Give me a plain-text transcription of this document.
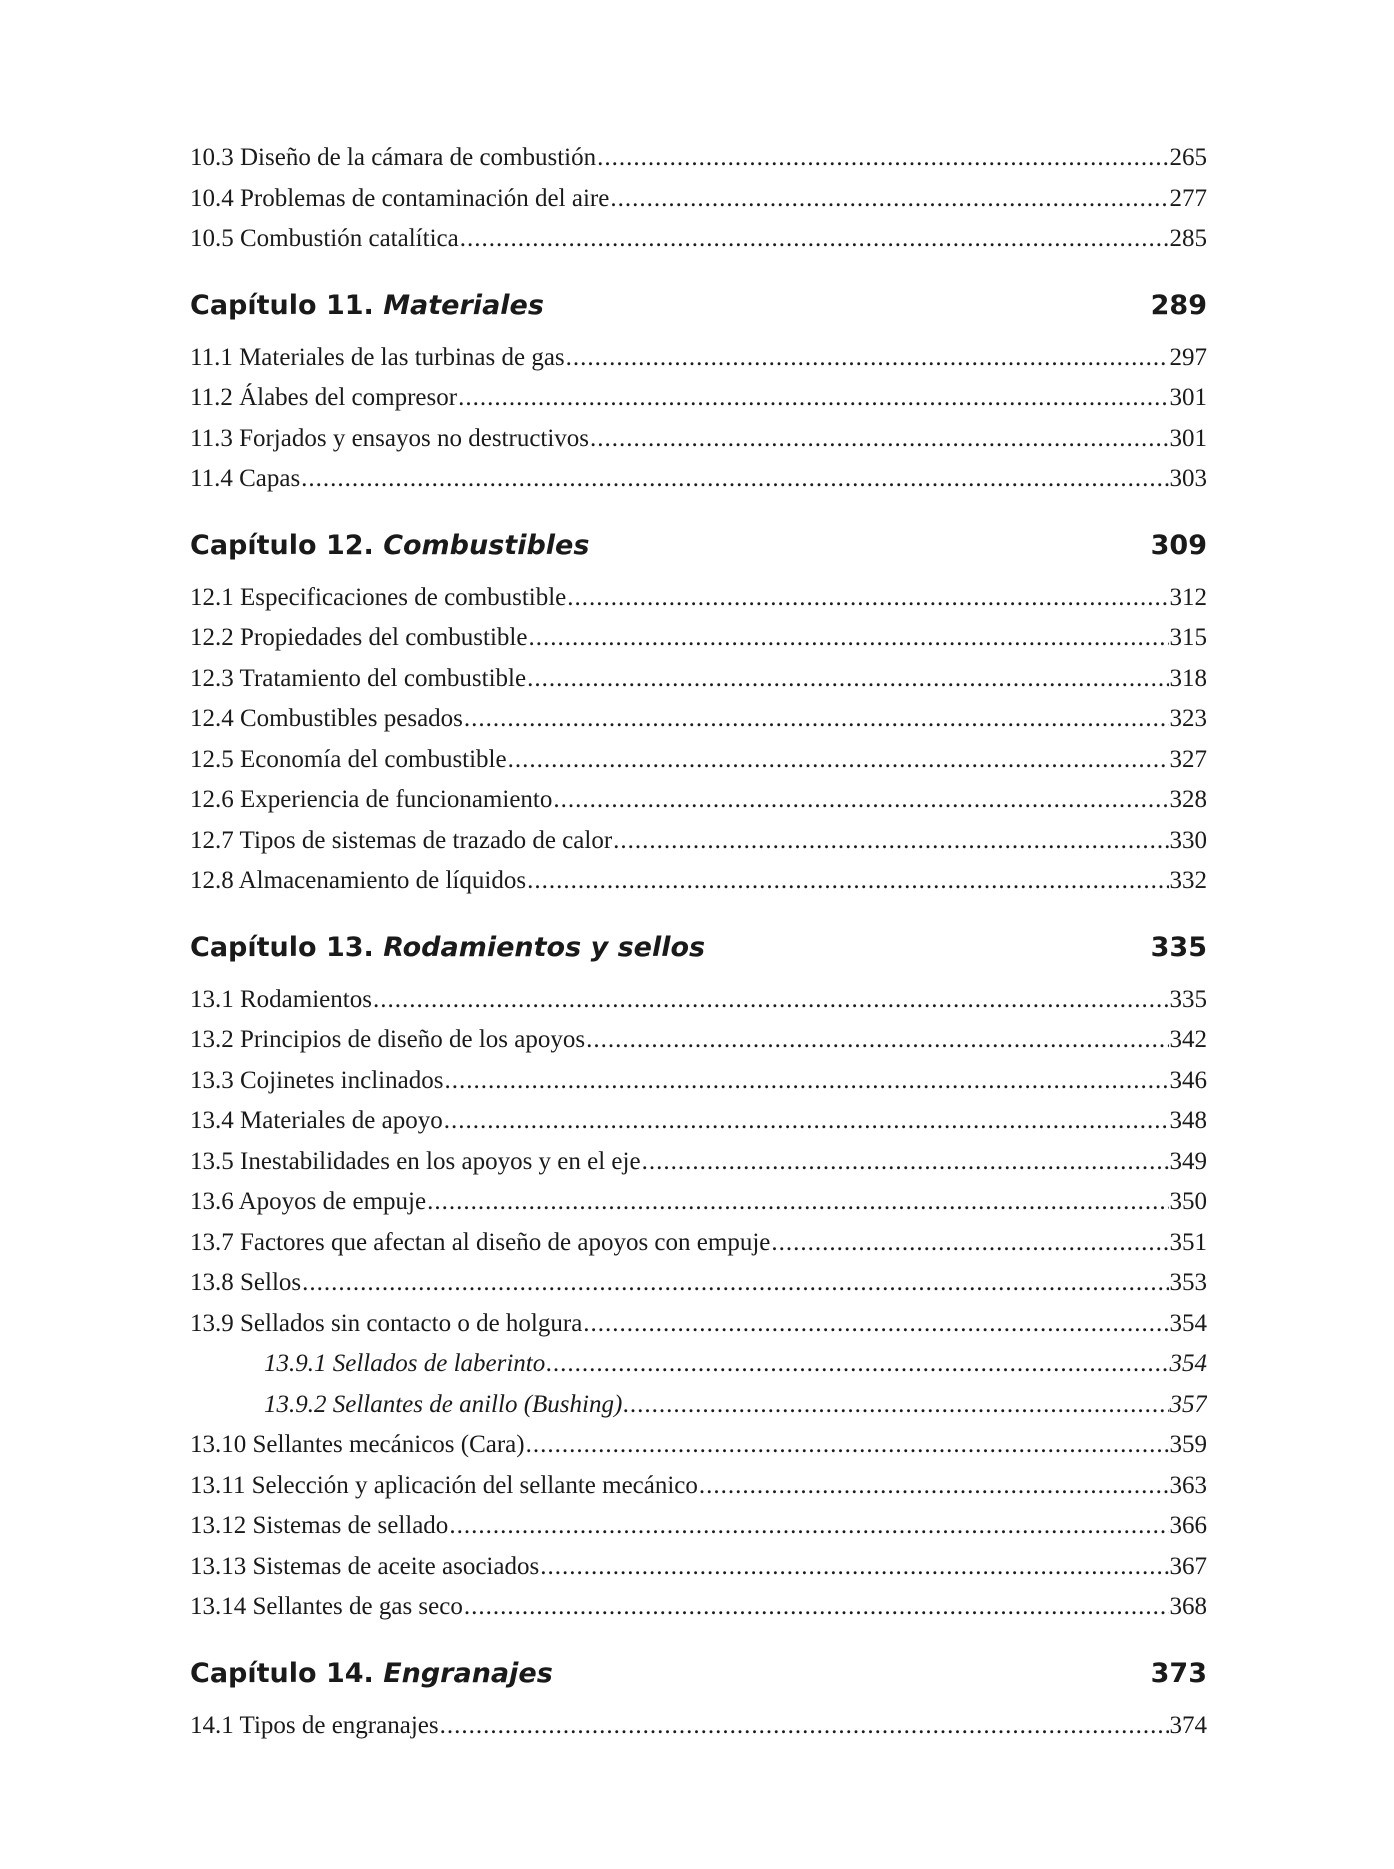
10.3 Diseño de la cámara de combustión .....	265
10.4 Problemas de contaminación del aire .....	277
10.5 Combustión catalítica .....	285
Capítulo 11. Materiales	289
11.1 Materiales de las turbinas de gas .....	297
11.2 Álabes del compresor .....	301
11.3 Forjados y ensayos no destructivos .....	301
11.4 Capas .....	303
Capítulo 12. Combustibles	309
12.1 Especificaciones de combustible .....	312
12.2 Propiedades del combustible .....	315
12.3 Tratamiento del combustible .....	318
12.4 Combustibles pesados .....	323
12.5 Economía del combustible .....	327
12.6 Experiencia de funcionamiento .....	328
12.7 Tipos de sistemas de trazado de calor .....	330
12.8 Almacenamiento de líquidos .....	332
Capítulo 13. Rodamientos y sellos	335
13.1 Rodamientos .....	335
13.2 Principios de diseño de los apoyos .....	342
13.3 Cojinetes inclinados .....	346
13.4 Materiales de apoyo .....	348
13.5 Inestabilidades en los apoyos y en el eje .....	349
13.6 Apoyos de empuje .....	350
13.7 Factores que afectan al diseño de apoyos con empuje .....	351
13.8 Sellos .....	353
13.9 Sellados sin contacto o de holgura .....	354
13.9.1 Sellados de laberinto .....	354
13.9.2 Sellantes de anillo (Bushing) .....	357
13.10 Sellantes mecánicos (Cara) .....	359
13.11 Selección y aplicación del sellante mecánico .....	363
13.12 Sistemas de sellado .....	366
13.13 Sistemas de aceite asociados .....	367
13.14 Sellantes de gas seco .....	368
Capítulo 14. Engranajes	373
14.1 Tipos de engranajes .....	374
